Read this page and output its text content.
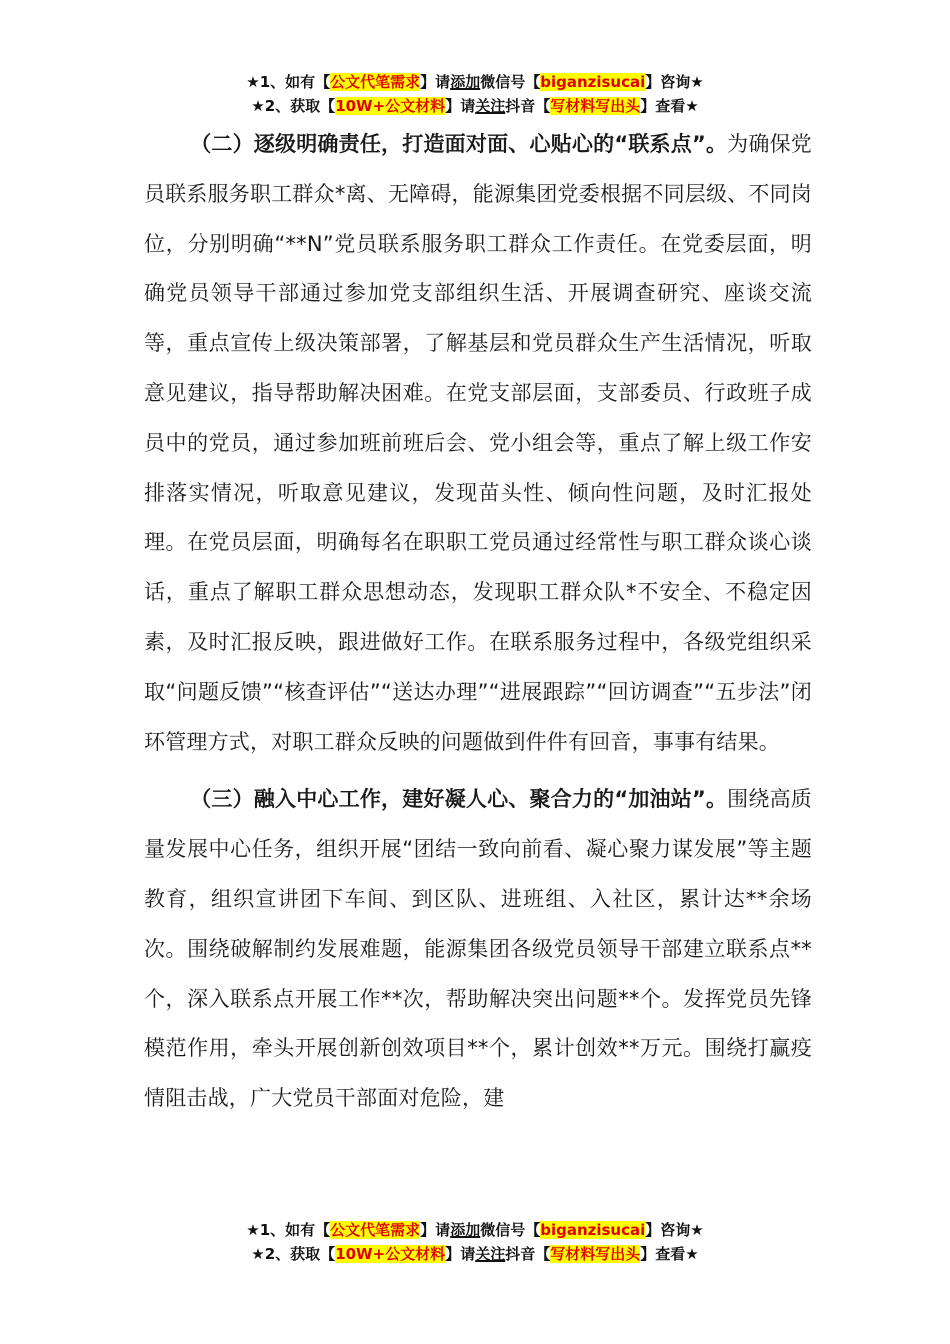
★1、如有【公文代笔需求】请添加微信号【biganzisucai】咨询★
★2、获取【10W+公文材料】请关注抖音【写材料写出头】查看★

（二）逐级明确责任，打造面对面、心贴心的“联系点”。为确保党员联系服务职工群众*离、无障碍，能源集团党委根据不同层级、不同岗位，分别明确“**N”党员联系服务职工群众工作责任。在党委层面，明确党员领导干部通过参加党支部组织生活、开展调查研究、座谈交流等，重点宣传上级决策部署，了解基层和党员群众生产生活情况，听取意见建议，指导帮助解决困难。在党支部层面，支部委员、行政班子成员中的党员，通过参加班前班后会、党小组会等，重点了解上级工作安排落实情况，听取意见建议，发现苗头性、倾向性问题，及时汇报处理。在党员层面，明确每名在职职工党员通过经常性与职工群众谈心谈话，重点了解职工群众思想动态，发现职工群众队*不安全、不稳定因素，及时汇报反映，跟进做好工作。在联系服务过程中，各级党组织采取“问题反馈”“核查评估”“送达办理”“进展跟踪”“回访调查”“五步法”闭环管理方式，对职工群众反映的问题做到件件有回音，事事有结果。

（三）融入中心工作，建好凝人心、聚合力的“加油站”。围绕高质量发展中心任务，组织开展“团结一致向前看、凝心聚力谋发展”等主题教育，组织宣讲团下车间、到区队、进班组、入社区，累计达**余场次。围绕破解制约发展难题，能源集团各级党员领导干部建立联系点**个，深入联系点开展工作**次，帮助解决突出问题**个。发挥党员先锋模范作用，牵头开展创新创效项目**个，累计创效**万元。围绕打赢疫情阻击战，广大党员干部面对危险，建

★1、如有【公文代笔需求】请添加微信号【biganzisucai】咨询★
★2、获取【10W+公文材料】请关注抖音【写材料写出头】查看★
